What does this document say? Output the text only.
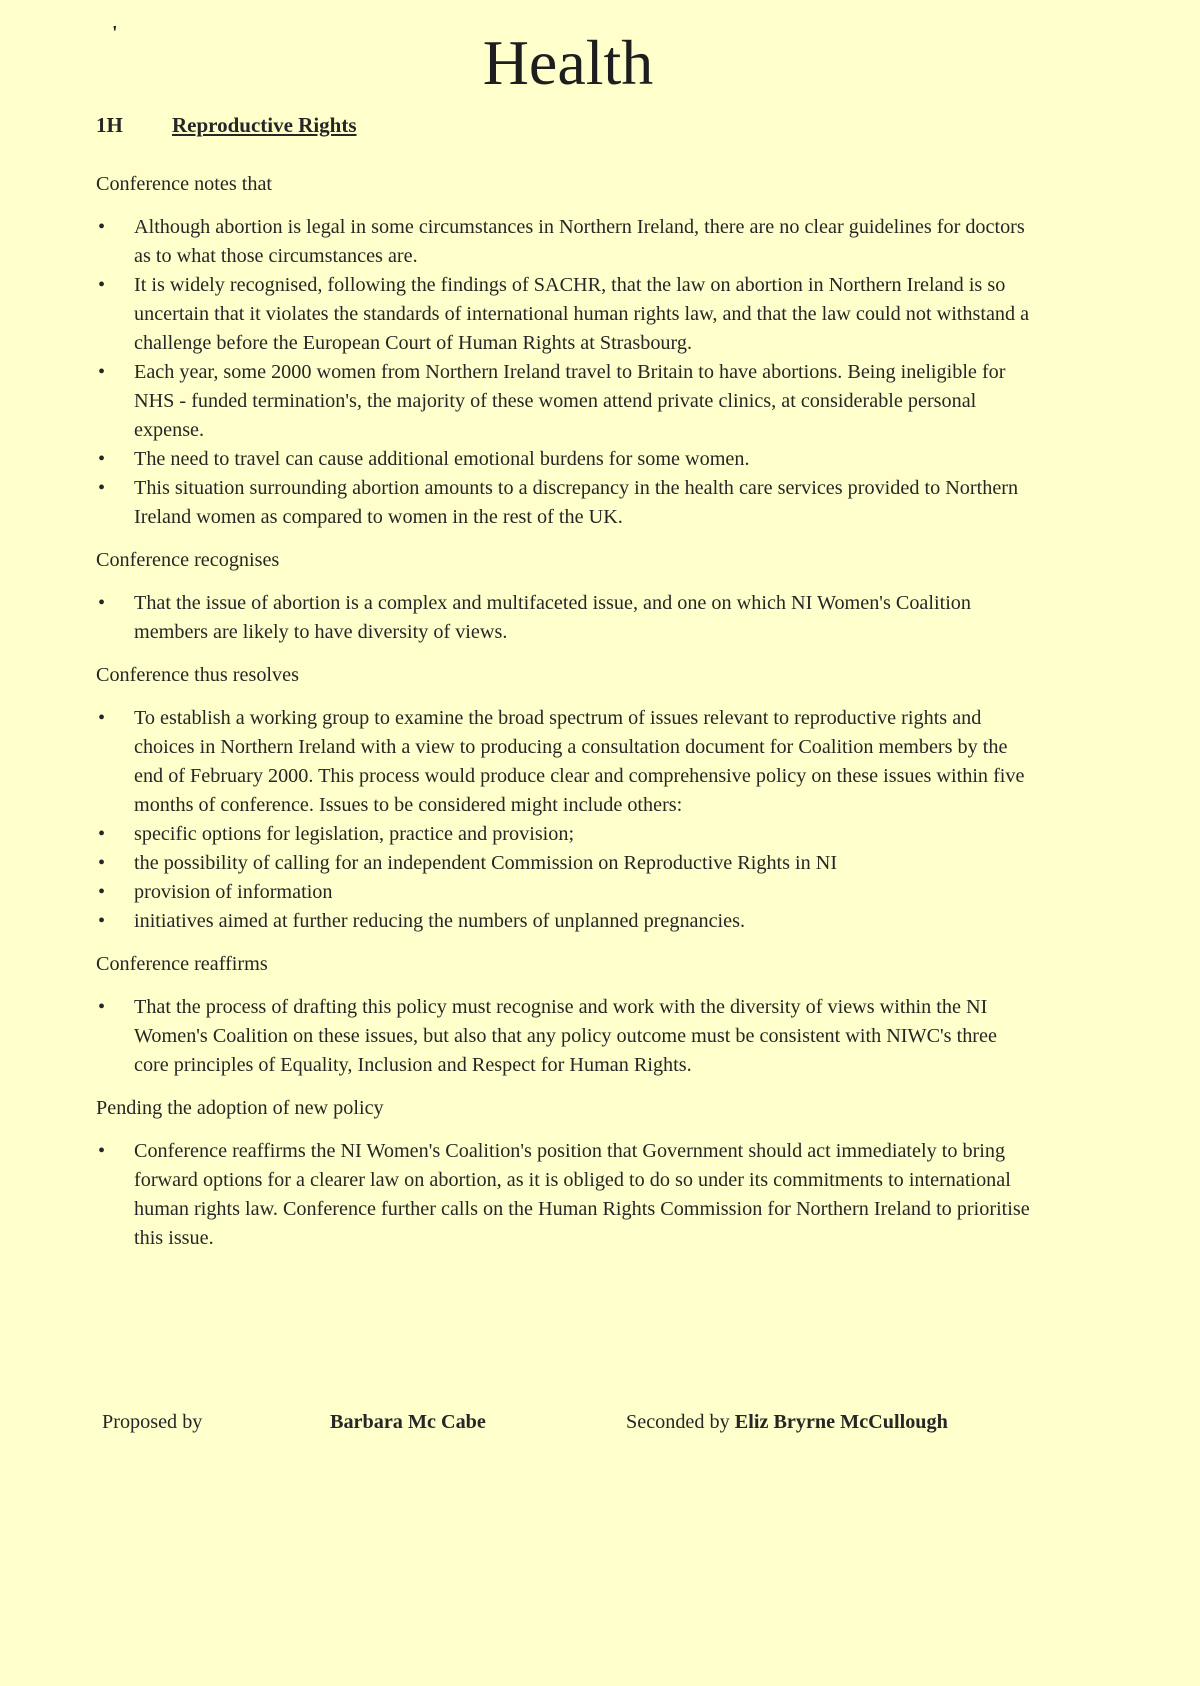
'	Health
1H Reproductive Rights

Conference notes that

• Although abortion is legal in some circumstances in Northern Ireland, there are no clear guidelines for doctors as to what those circumstances are.
• It is widely recognised, following the findings of SACHR, that the law on abortion in Northern Ireland is so uncertain that it violates the standards of international human rights law, and that the law could not withstand a challenge before the European Court of Human Rights at Strasbourg.
• Each year, some 2000 women from Northern Ireland travel to Britain to have abortions. Being ineligible for NHS - funded termination's, the majority of these women attend private clinics, at considerable personal expense.
• The need to travel can cause additional emotional burdens for some women.
• This situation surrounding abortion amounts to a discrepancy in the health care services provided to Northern Ireland women as compared to women in the rest of the UK.

Conference recognises

• That the issue of abortion is a complex and multifaceted issue, and one on which NI Women's Coalition members are likely to have diversity of views.

Conference thus resolves

• To establish a working group to examine the broad spectrum of issues relevant to reproductive rights and choices in Northern Ireland with a view to producing a consultation document for Coalition members by the end of February 2000. This process would produce clear and comprehensive policy on these issues within five months of conference. Issues to be considered might include others:
• specific options for legislation, practice and provision;
• the possibility of calling for an independent Commission on Reproductive Rights in NI
• provision of information
• initiatives aimed at further reducing the numbers of unplanned pregnancies.

Conference reaffirms

• That the process of drafting this policy must recognise and work with the diversity of views within the NI Women's Coalition on these issues, but also that any policy outcome must be consistent with NIWC's three core principles of Equality, Inclusion and Respect for Human Rights.

Pending the adoption of new policy

• Conference reaffirms the NI Women's Coalition's position that Government should act immediately to bring forward options for a clearer law on abortion, as it is obliged to do so under its commitments to international human rights law. Conference further calls on the Human Rights Commission for Northern Ireland to prioritise this issue.
Proposed by	Barbara Mc Cabe	Seconded by Eliz Bryrne McCullough
